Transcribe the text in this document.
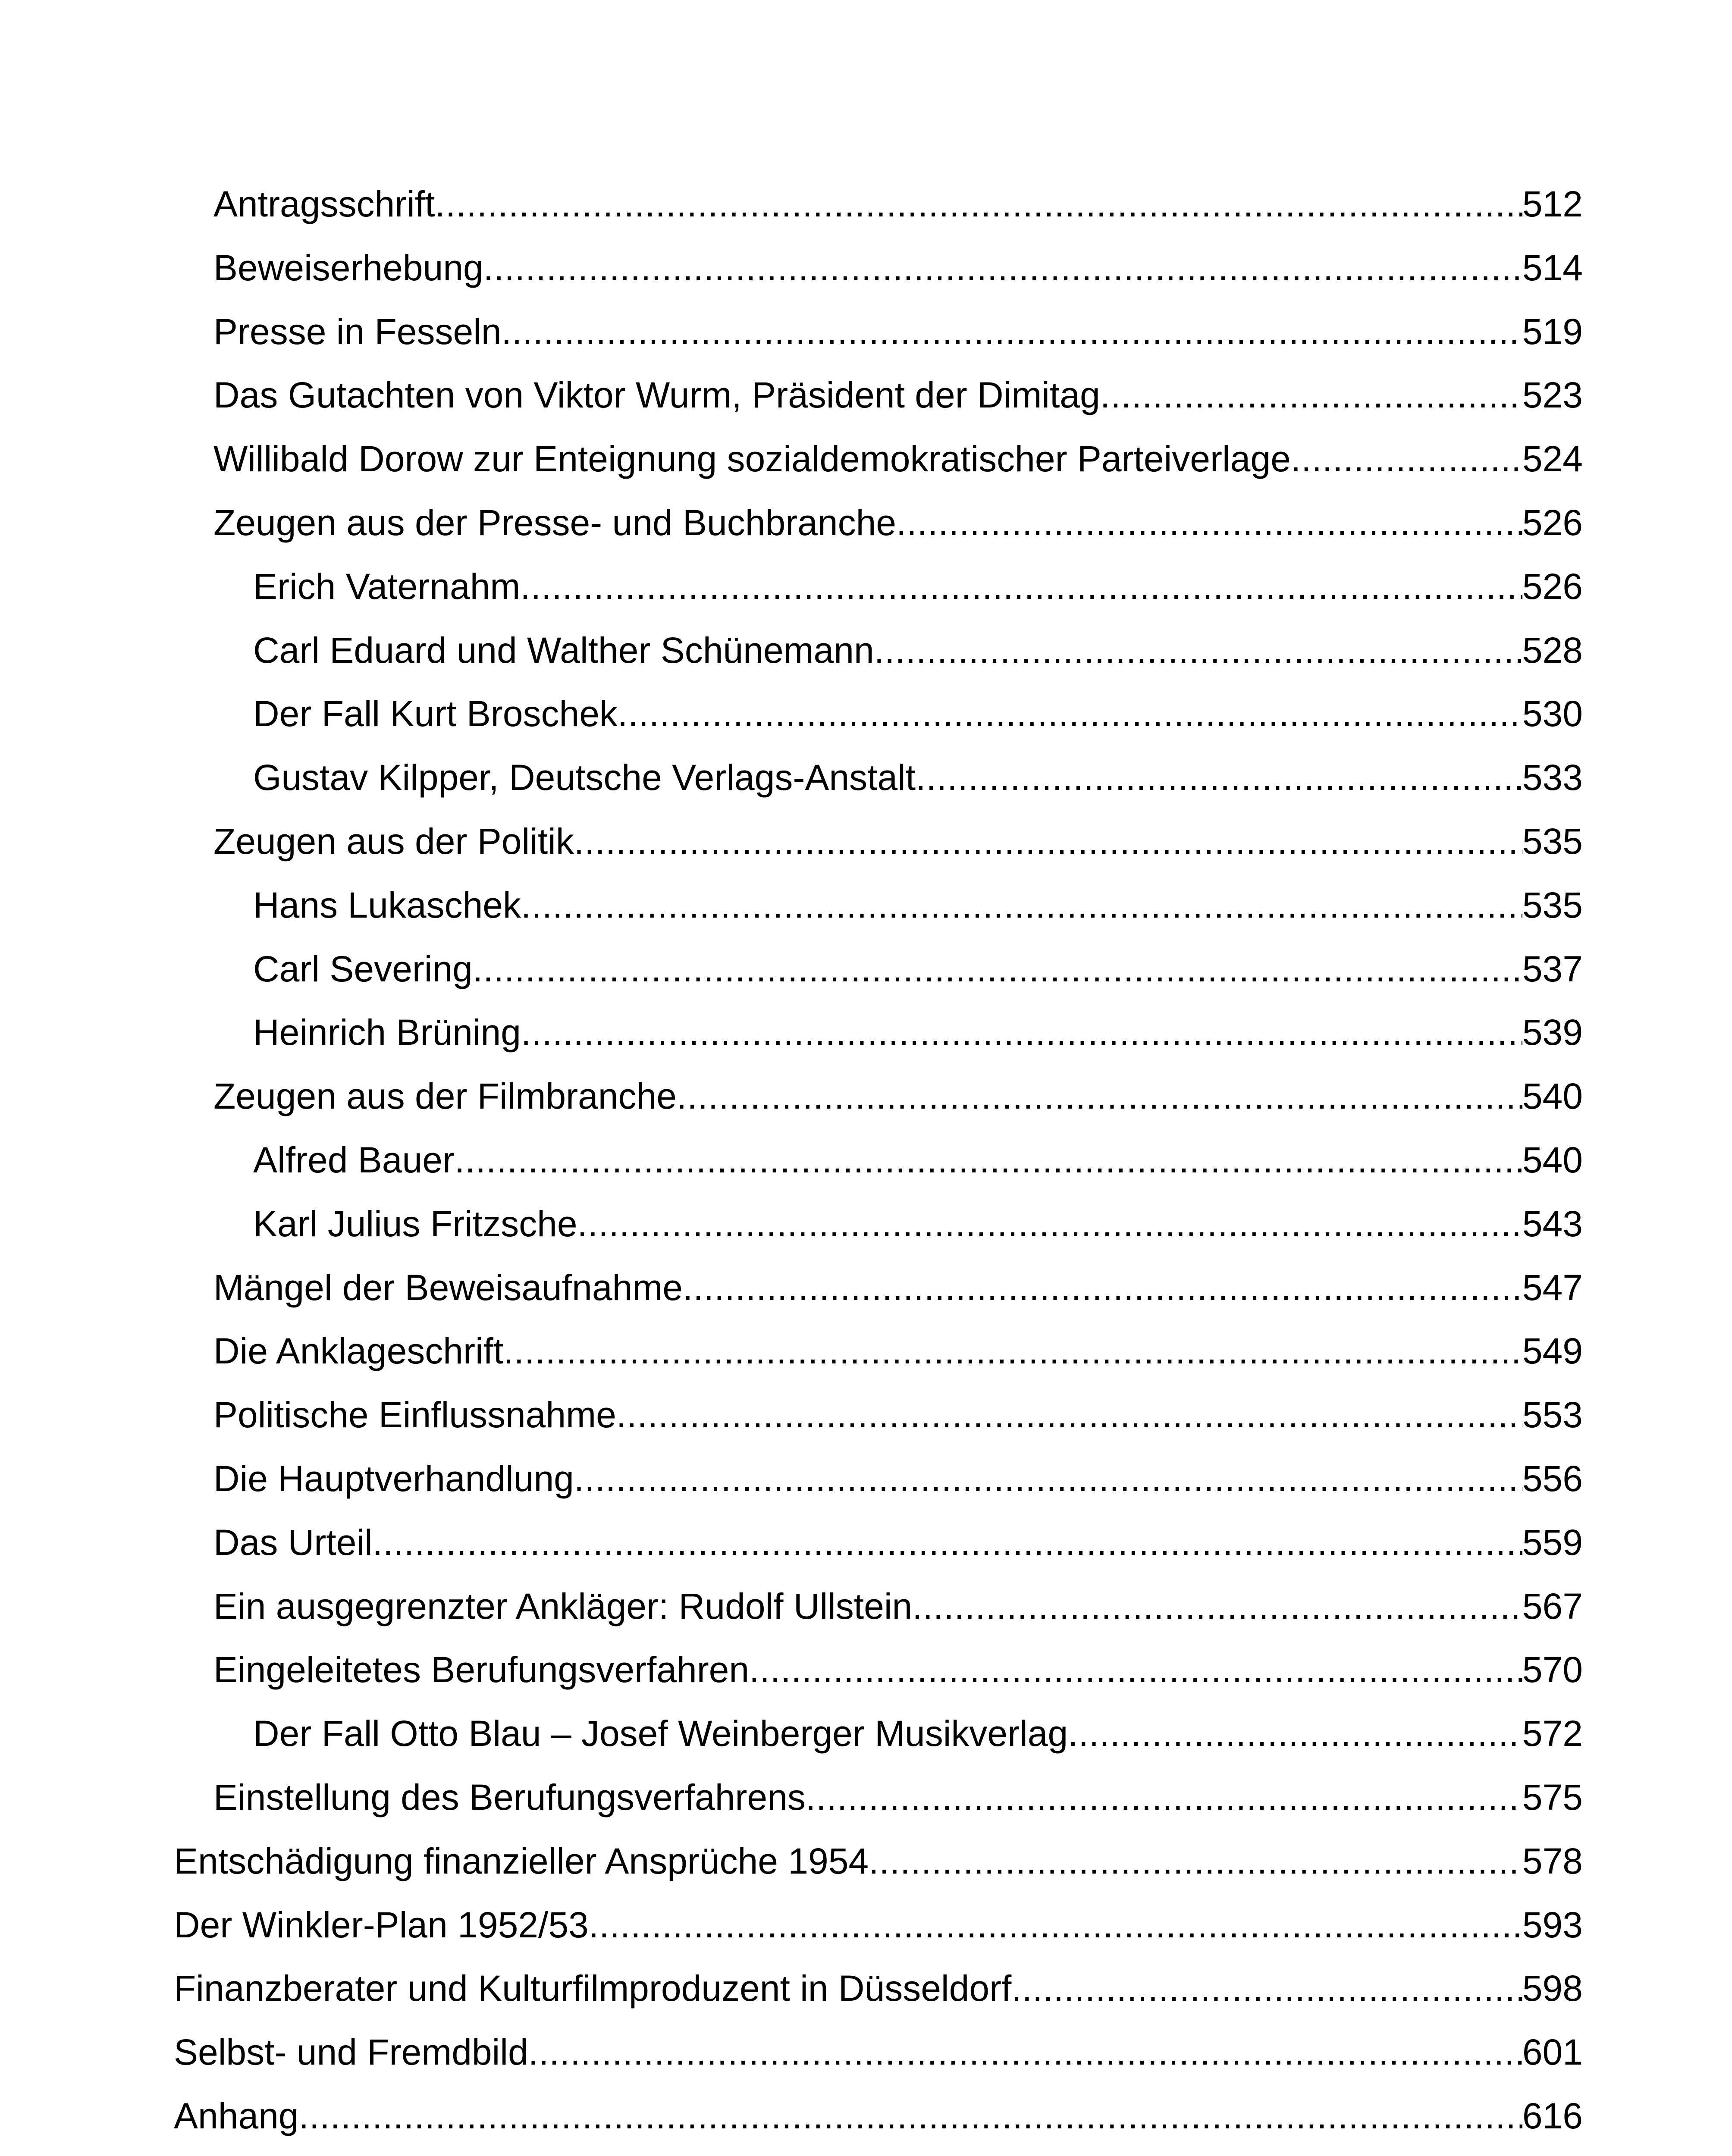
Antragsschrift .....	512
Beweiserhebung .....	514
Presse in Fesseln .....	519
Das Gutachten von Viktor Wurm, Präsident der Dimitag .....	523
Willibald Dorow zur Enteignung sozialdemokratischer Parteiverlage .....	524
Zeugen aus der Presse- und Buchbranche .....	526
Erich Vaternahm .....	526
Carl Eduard und Walther Schünemann .....	528
Der Fall Kurt Broschek .....	530
Gustav Kilpper, Deutsche Verlags-Anstalt .....	533
Zeugen aus der Politik .....	535
Hans Lukaschek .....	535
Carl Severing .....	537
Heinrich Brüning .....	539
Zeugen aus der Filmbranche .....	540
Alfred Bauer .....	540
Karl Julius Fritzsche .....	543
Mängel der Beweisaufnahme .....	547
Die Anklageschrift .....	549
Politische Einflussnahme .....	553
Die Hauptverhandlung .....	556
Das Urteil .....	559
Ein ausgegrenzter Ankläger: Rudolf Ullstein .....	567
Eingeleitetes Berufungsverfahren .....	570
Der Fall Otto Blau – Josef Weinberger Musikverlag .....	572
Einstellung des Berufungsverfahrens .....	575
Entschädigung finanzieller Ansprüche 1954 .....	578
Der Winkler-Plan 1952/53 .....	593
Finanzberater und Kulturfilmproduzent in Düsseldorf .....	598
Selbst- und Fremdbild .....	601
Anhang .....	616
.....
